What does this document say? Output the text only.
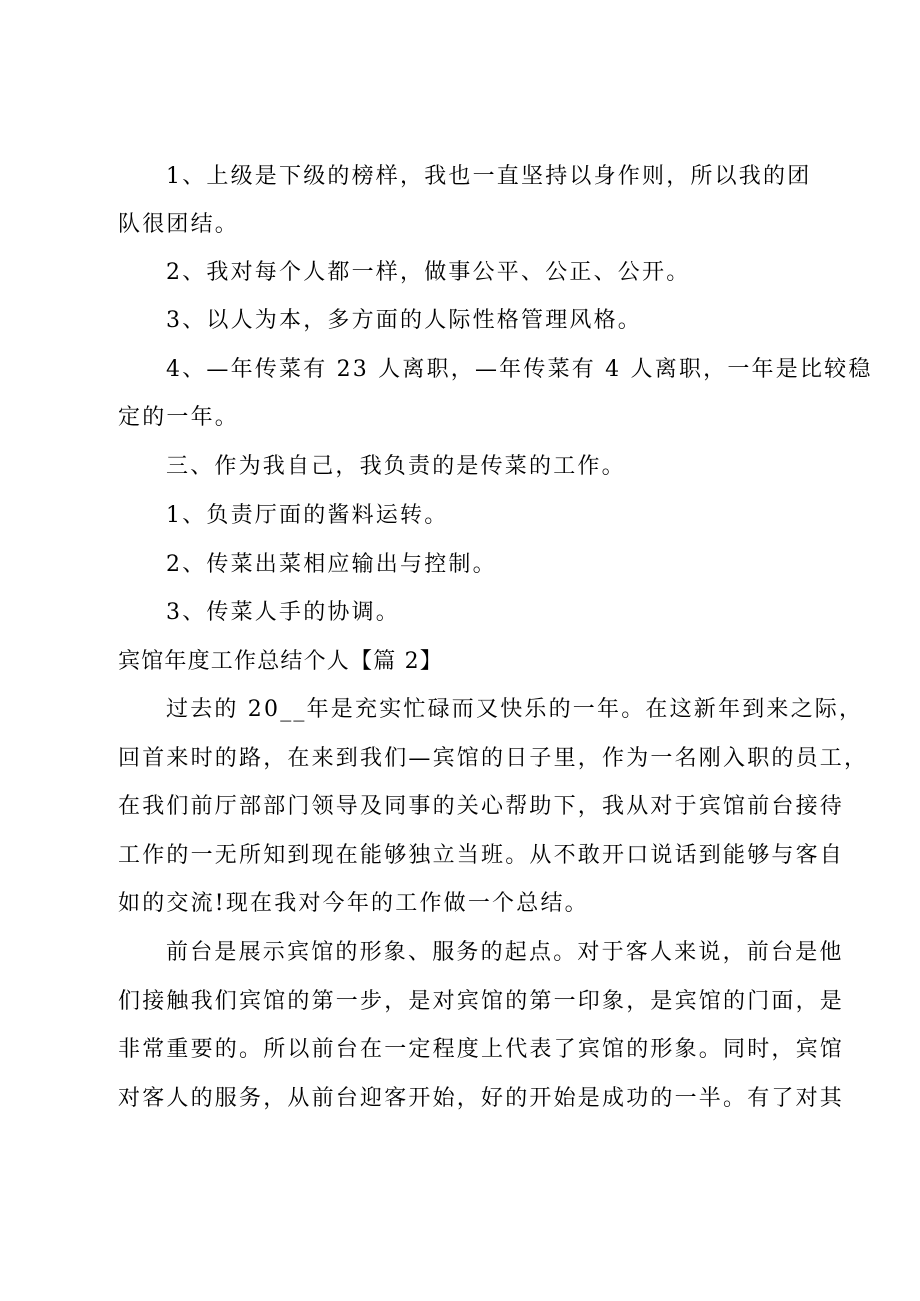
1、上级是下级的榜样，我也一直坚持以身作则，所以我的团
队很团结。
2、我对每个人都一样，做事公平、公正、公开。
3、以人为本，多方面的人际性格管理风格。
4、—年传菜有 23 人离职，—年传菜有 4 人离职，一年是比较稳
定的一年。
三、作为我自己，我负责的是传菜的工作。
1、负责厅面的酱料运转。
2、传菜出菜相应输出与控制。
3、传菜人手的协调。
宾馆年度工作总结个人【篇 2】
过去的 20__年是充实忙碌而又快乐的一年。在这新年到来之际，
回首来时的路，在来到我们—宾馆的日子里，作为一名刚入职的员工，
在我们前厅部部门领导及同事的关心帮助下，我从对于宾馆前台接待
工作的一无所知到现在能够独立当班。从不敢开口说话到能够与客自
如的交流!现在我对今年的工作做一个总结。
前台是展示宾馆的形象、服务的起点。对于客人来说，前台是他
们接触我们宾馆的第一步，是对宾馆的第一印象，是宾馆的门面，是
非常重要的。所以前台在一定程度上代表了宾馆的形象。同时，宾馆
对客人的服务，从前台迎客开始，好的开始是成功的一半。有了对其
